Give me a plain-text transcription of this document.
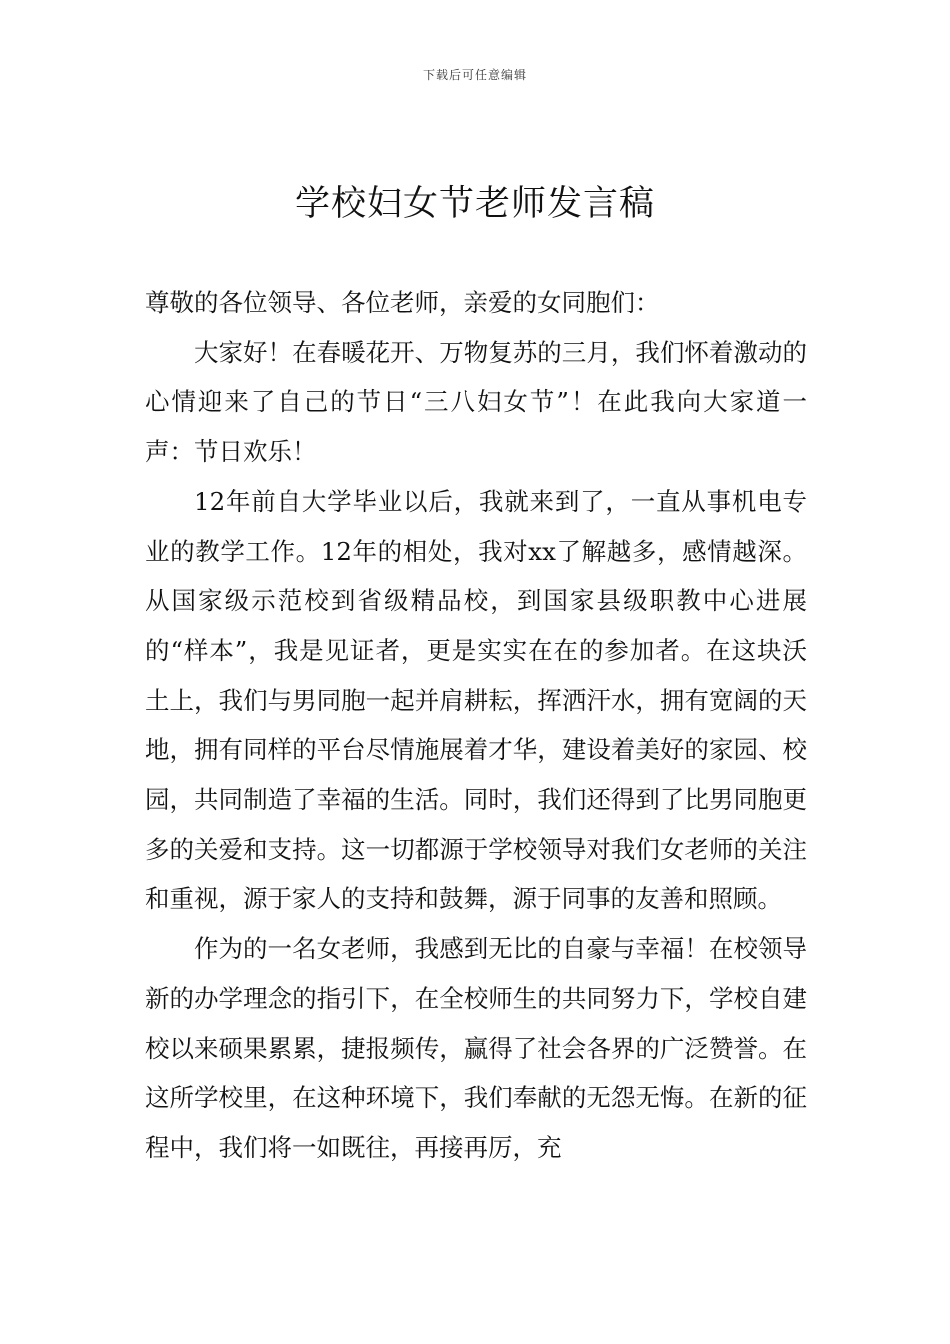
下载后可任意编辑
学校妇女节老师发言稿

尊敬的各位领导、各位老师，亲爱的女同胞们：

大家好！在春暖花开、万物复苏的三月，我们怀着激动的心情迎来了自己的节日“三八妇女节”！在此我向大家道一声：节日欢乐！

12年前自大学毕业以后，我就来到了，一直从事机电专业的教学工作。12年的相处，我对xx了解越多，感情越深。从国家级示范校到省级精品校，到国家县级职教中心进展的“样本”，我是见证者，更是实实在在的参加者。在这块沃土上，我们与男同胞一起并肩耕耘，挥洒汗水，拥有宽阔的天地，拥有同样的平台尽情施展着才华，建设着美好的家园、校园，共同制造了幸福的生活。同时，我们还得到了比男同胞更多的关爱和支持。这一切都源于学校领导对我们女老师的关注和重视，源于家人的支持和鼓舞，源于同事的友善和照顾。

作为的一名女老师，我感到无比的自豪与幸福！在校领导新的办学理念的指引下，在全校师生的共同努力下，学校自建校以来硕果累累，捷报频传，赢得了社会各界的广泛赞誉。在这所学校里，在这种环境下，我们奉献的无怨无悔。在新的征程中，我们将一如既往，再接再厉，充
